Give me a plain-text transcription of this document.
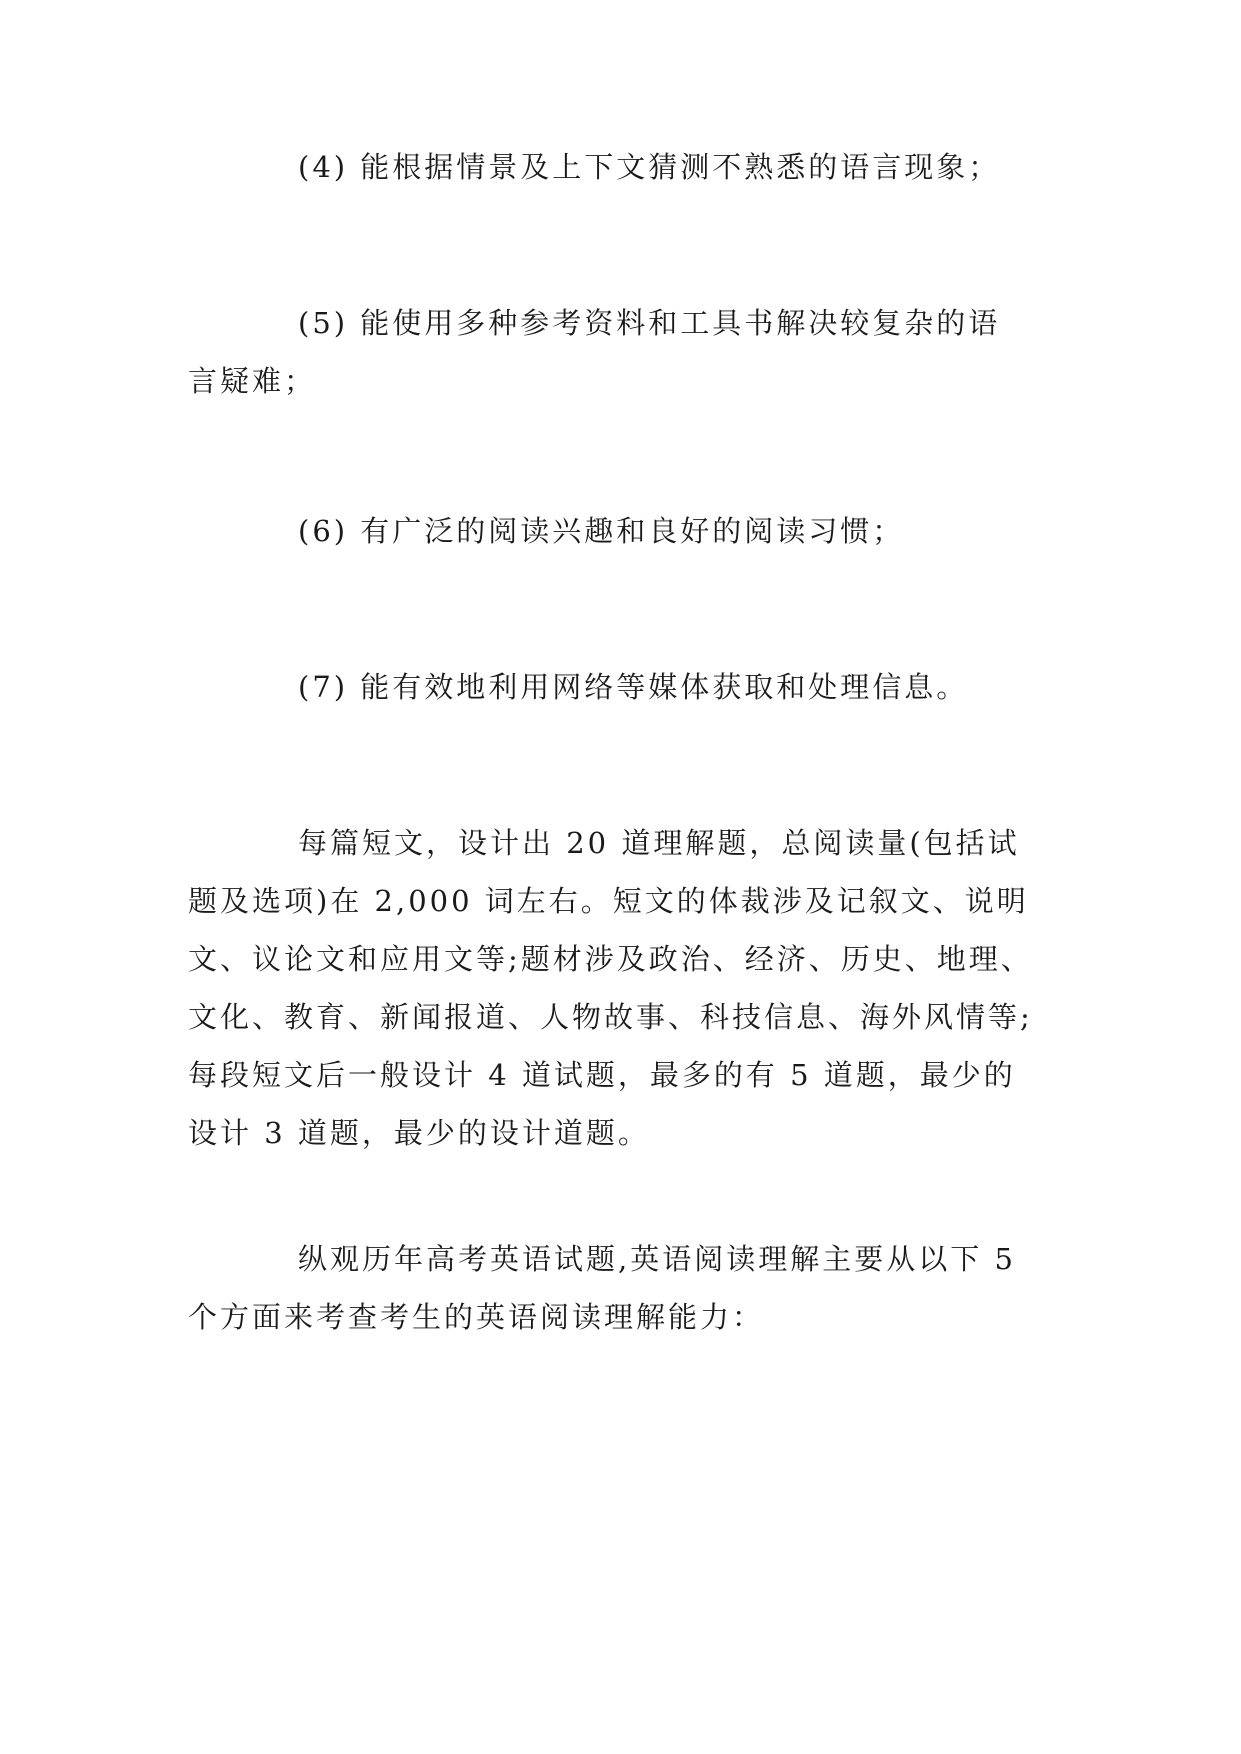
(4) 能根据情景及上下文猜测不熟悉的语言现象；
(5) 能使用多种参考资料和工具书解决较复杂的语
言疑难；
(6) 有广泛的阅读兴趣和良好的阅读习惯；
(7) 能有效地利用网络等媒体获取和处理信息。
每篇短文，设计出 20 道理解题，总阅读量(包括试
题及选项)在 2,000 词左右。短文的体裁涉及记叙文、说明
文、议论文和应用文等;题材涉及政治、经济、历史、地理、
文化、教育、新闻报道、人物故事、科技信息、海外风情等;
每段短文后一般设计 4 道试题，最多的有 5 道题，最少的
设计 3 道题，最少的设计道题。
纵观历年高考英语试题,英语阅读理解主要从以下 5
个方面来考查考生的英语阅读理解能力：
